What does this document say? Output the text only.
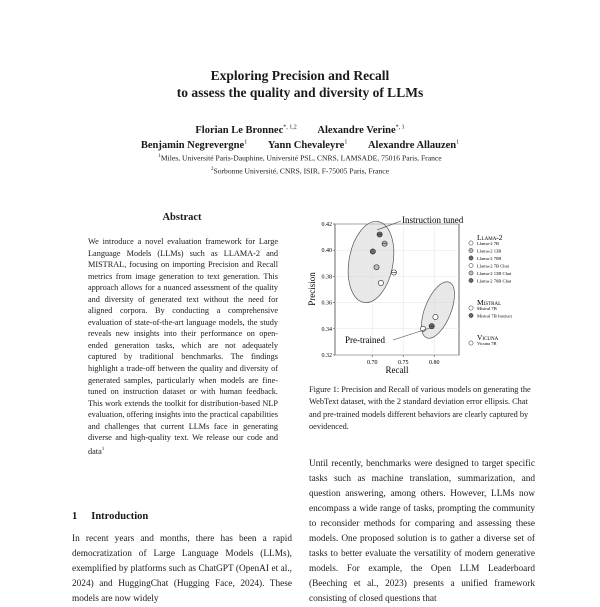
Exploring Precision and Recall
to assess the quality and diversity of LLMs
Florian Le Bronnec$^{*, 1,2}$ Alexandre Verine$^{*, 1}$
Benjamin Negrevergne$^1$ Yann Chevaleyre$^1$ Alexandre Allauzen$^1$
$^1$Miles, Université Paris-Dauphine, Université PSL, CNRS, LAMSADE, 75016 Paris, France
$^2$Sorbonne Université, CNRS, ISIR, F-75005 Paris, France
Abstract
We introduce a novel evaluation framework for Large Language Models (LLMs) such as LLAMA-2 and MISTRAL, focusing on importing Precision and Recall metrics from image generation to text generation. This approach allows for a nuanced assessment of the quality and diversity of generated text without the need for aligned corpora. By conducting a comprehensive evaluation of state-of-the-art language models, the study reveals new insights into their performance on open-ended generation tasks, which are not adequately captured by traditional benchmarks. The findings highlight a trade-off between the quality and diversity of generated samples, particularly when models are fine-tuned on instruction dataset or with human feedback. This work extends the toolkit for distribution-based NLP evaluation, offering insights into the practical capabilities and challenges that current LLMs face in generating diverse and high-quality text. We release our code and data$^1$
1 Introduction
In recent years and months, there has been a rapid democratization of Large Language Models (LLMs), exemplified by platforms such as ChatGPT (OpenAI et al., 2024) and HuggingChat (Hugging Face, 2024). These models are now widely
0.32
0.34
0.36
0.38
0.40
0.42
0.70	0.75	0.80
Precision
Recall
Instruction tuned
Pre-trained
Llama-2
Llama-2 7B
Llama-2 13B
Llama-2 70B
Llama-2 7B Chat
Llama-2 13B Chat
Llama-2 70B Chat
Mistral
Mistral 7B
Mistral 7B Instruct
Vicuna
Vicuna 7B
Figure 1: Precision and Recall of various models on generating the WebText dataset, with the 2 standard deviation error ellipsis. Chat and pre-trained models different behaviors are clearly captured by oevidenced.
Until recently, benchmarks were designed to target specific tasks such as machine translation, summarization, and question answering, among others. However, LLMs now encompass a wide range of tasks, prompting the community to reconsider methods for comparing and assessing these models. One proposed solution is to gather a diverse set of tasks to better evaluate the versatility of modern generative models. For example, the Open LLM Leaderboard (Beeching et al., 2023) presents a unified framework consisting of closed questions that
